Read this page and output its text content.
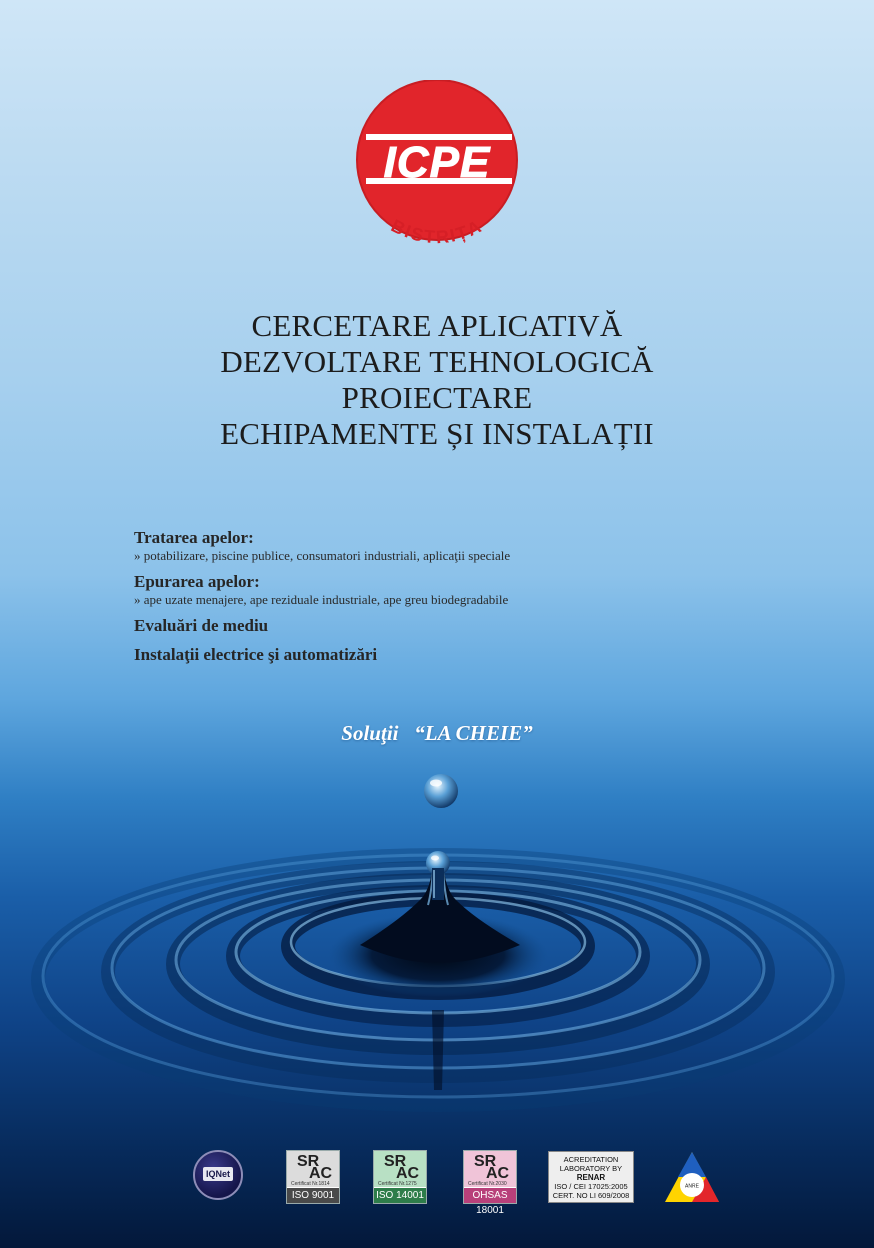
ICPE
BISTRIȚA
CERCETARE APLICATIVĂ
DEZVOLTARE TEHNOLOGICĂ
PROIECTARE
ECHIPAMENTE ȘI INSTALAȚII
Tratarea apelor:
» potabilizare, piscine publice, consumatori industriali, aplicaţii speciale
Epurarea apelor:
» ape uzate menajere, ape reziduale industriale, ape greu biodegradabile
Evaluări de mediu
Instalaţii electrice şi automatizări
Soluţii “LA CHEIE”
IQNet
SR
AC
Certificat Nr.1814
ISO 9001
SR
AC
Certificat Nr.1275
ISO 14001
SR
AC
Certificat Nr.2030
OHSAS 18001
ACREDITATION
LABORATORY BY
RENAR
ISO / CEI 17025:2005
CERT. NO LI 609/2008
ANRE
